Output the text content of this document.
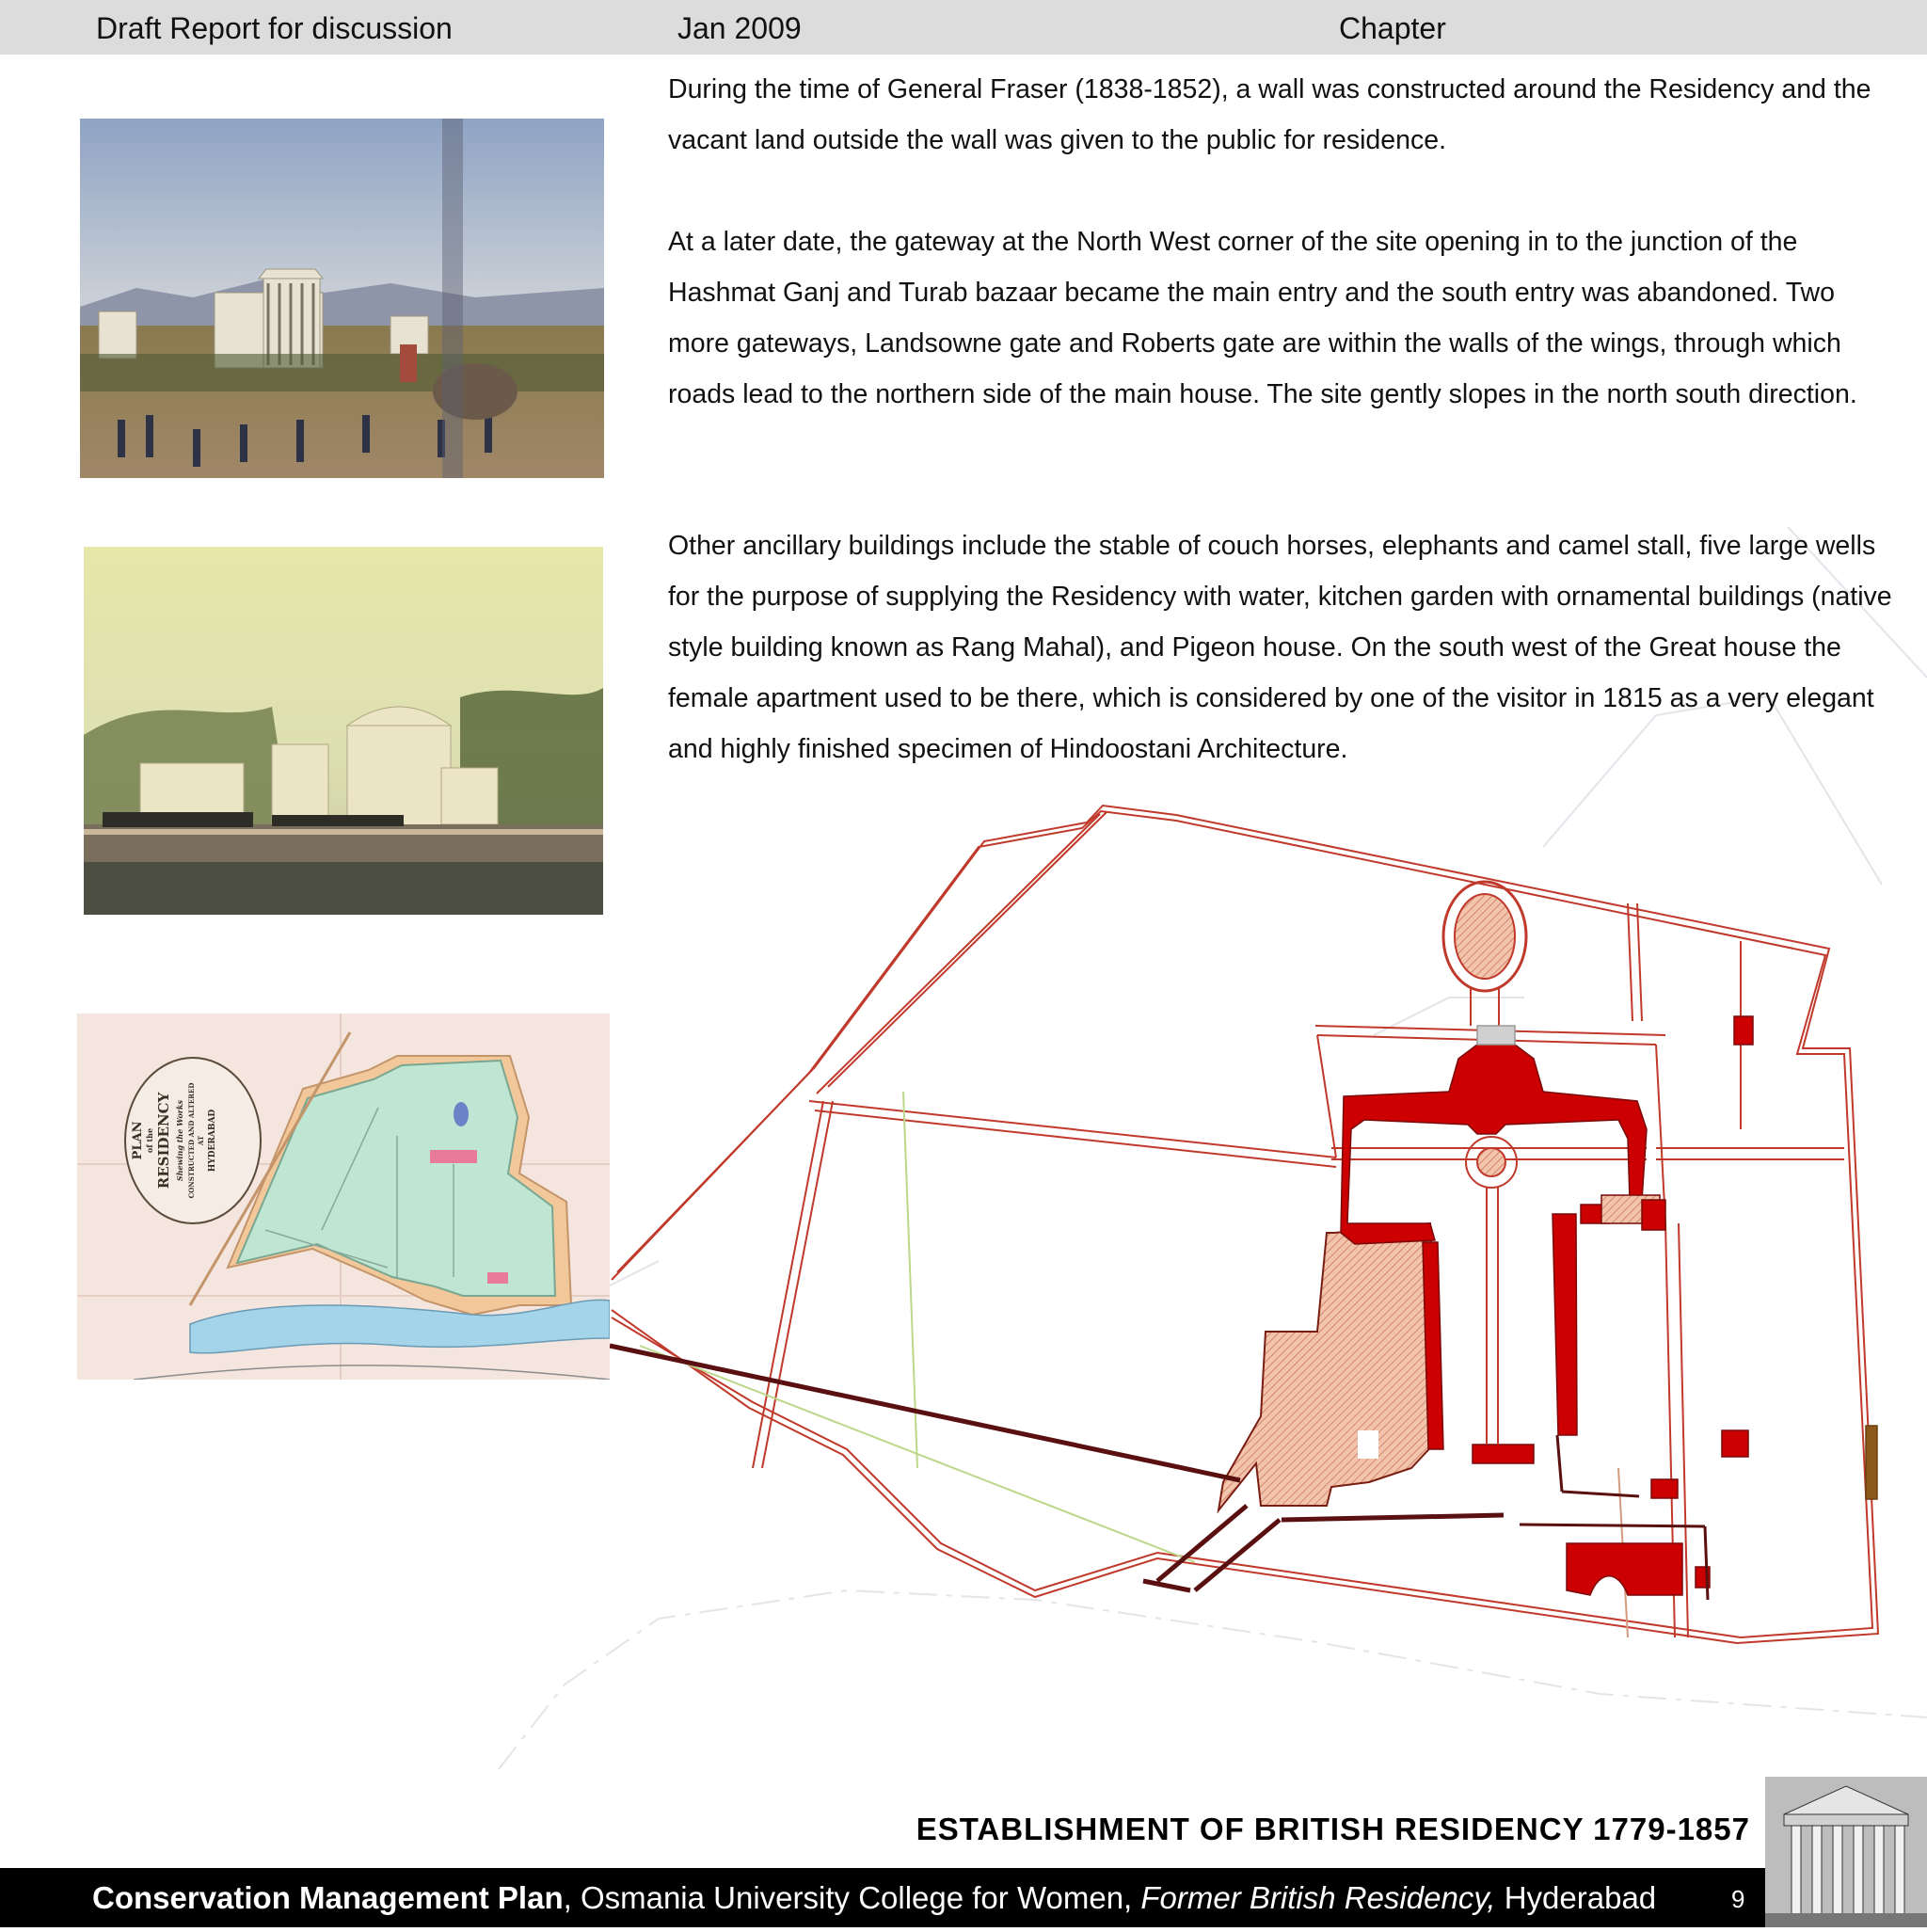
Draft Report for discussion	Jan 2009	Chapter

During the time of General Fraser (1838-1852), a wall was constructed around the Residency and the vacant land outside the wall was given to the public for residence.

At a later date, the gateway at the North West corner of the site opening in to the junction of the Hashmat Ganj and Turab bazaar became the main entry and the south entry was abandoned. Two more gateways, Landsowne gate and Roberts gate are within the walls of the wings, through which roads lead to the northern side of the main house. The site gently slopes in the north south direction.

Other ancillary buildings include the stable of couch horses, elephants and camel stall, five large wells for the purpose of supplying the Residency with water, kitchen garden with ornamental buildings (native style building known as Rang Mahal), and Pigeon house. On the south west of the Great house the female apartment used to be there, which is considered by one of the visitor in 1815 as a very elegant and highly finished specimen of Hindoostani Architecture.

PLAN of the RESIDENCY Shewing the Works CONSTRUCTED AND ALTERED AT HYDERABAD
ESTABLISHMENT OF BRITISH RESIDENCY 1779-1857
Conservation Management Plan, Osmania University College for Women, Former British Residency, Hyderabad	9
